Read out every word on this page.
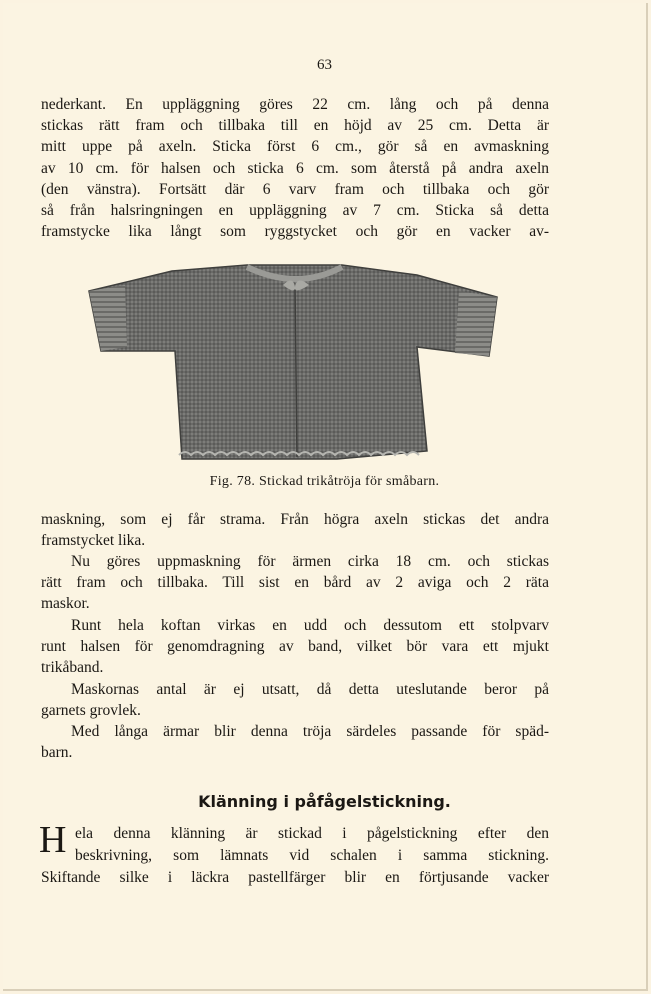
63

nederkant. En uppläggning göres 22 cm. lång och på denna
stickas rätt fram och tillbaka till en höjd av 25 cm. Detta är
mitt uppe på axeln. Sticka först 6 cm., gör så en avmaskning
av 10 cm. för halsen och sticka 6 cm. som återstå på andra axeln
(den vänstra). Fortsätt där 6 varv fram och tillbaka och gör
så från halsringningen en uppläggning av 7 cm. Sticka så detta
framstycke lika långt som ryggstycket och gör en vacker av-

Fig. 78. Stickad trikåtröja för småbarn.

maskning, som ej får strama. Från högra axeln stickas det andra
framstycket lika.

Nu göres uppmaskning för ärmen cirka 18 cm. och stickas
rätt fram och tillbaka. Till sist en bård av 2 aviga och 2 räta
maskor.

Runt hela koftan virkas en udd och dessutom ett stolpvarv
runt halsen för genomdragning av band, vilket bör vara ett mjukt
trikåband.

Maskornas antal är ej utsatt, då detta uteslutande beror på
garnets grovlek.

Med långa ärmar blir denna tröja särdeles passande för späd-
barn.

Klänning i påfågelstickning.
H ela denna klänning är stickad i pågelstickning efter den
beskrivning, som lämnats vid schalen i samma stickning.
Skiftande silke i läckra pastellfärger blir en förtjusande vacker
